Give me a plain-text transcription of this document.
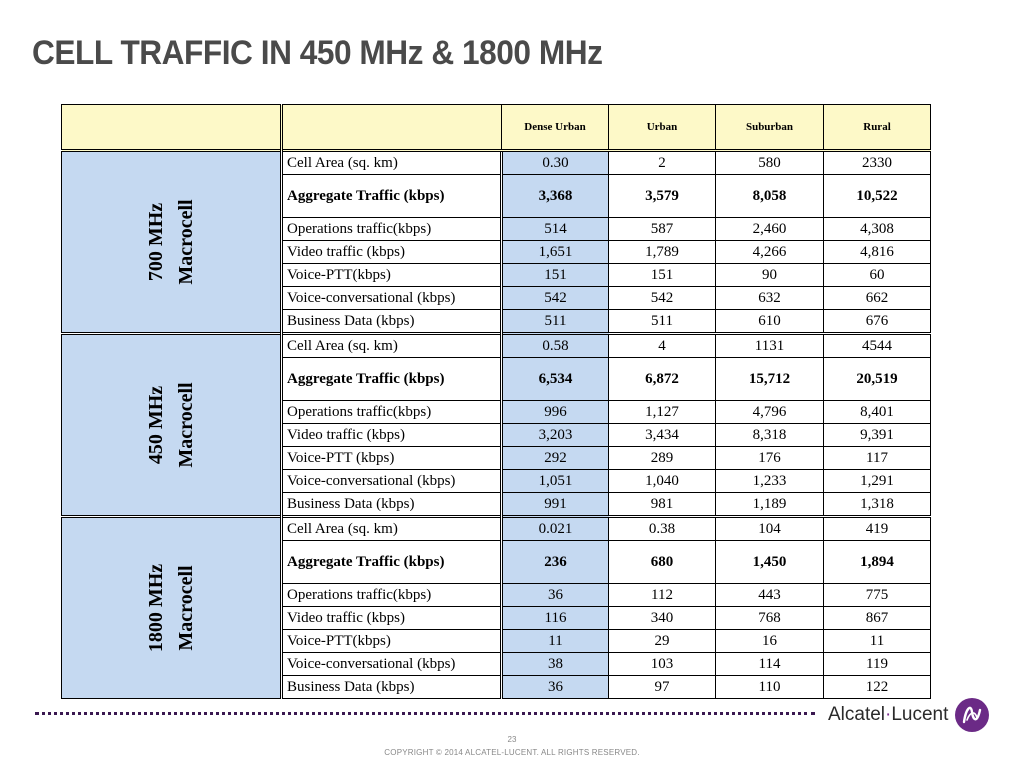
CELL TRAFFIC IN 450 MHz & 1800 MHz
		Dense Urban	Urban	Suburban	Rural

700 MHz Macrocell	Cell Area (sq. km)	0.30	2	580	2330
	Aggregate Traffic (kbps)	3,368	3,579	8,058	10,522
	Operations traffic(kbps)	514	587	2,460	4,308
	Video traffic (kbps)	1,651	1,789	4,266	4,816
	Voice-PTT(kbps)	151	151	90	60
	Voice-conversational (kbps)	542	542	632	662
	Business Data (kbps)	511	511	610	676

450 MHz Macrocell	Cell Area (sq. km)	0.58	4	1131	4544
	Aggregate Traffic (kbps)	6,534	6,872	15,712	20,519
	Operations traffic(kbps)	996	1,127	4,796	8,401
	Video traffic (kbps)	3,203	3,434	8,318	9,391
	Voice-PTT (kbps)	292	289	176	117
	Voice-conversational (kbps)	1,051	1,040	1,233	1,291
	Business Data (kbps)	991	981	1,189	1,318

1800 MHz Macrocell	Cell Area (sq. km)	0.021	0.38	104	419
	Aggregate Traffic (kbps)	236	680	1,450	1,894
	Operations traffic(kbps)	36	112	443	775
	Video traffic (kbps)	116	340	768	867
	Voice-PTT(kbps)	11	29	16	11
	Voice-conversational (kbps)	38	103	114	119
	Business Data (kbps)	36	97	110	122
Alcatel·Lucent
23
COPYRIGHT © 2014 ALCATEL-LUCENT. ALL RIGHTS RESERVED.
